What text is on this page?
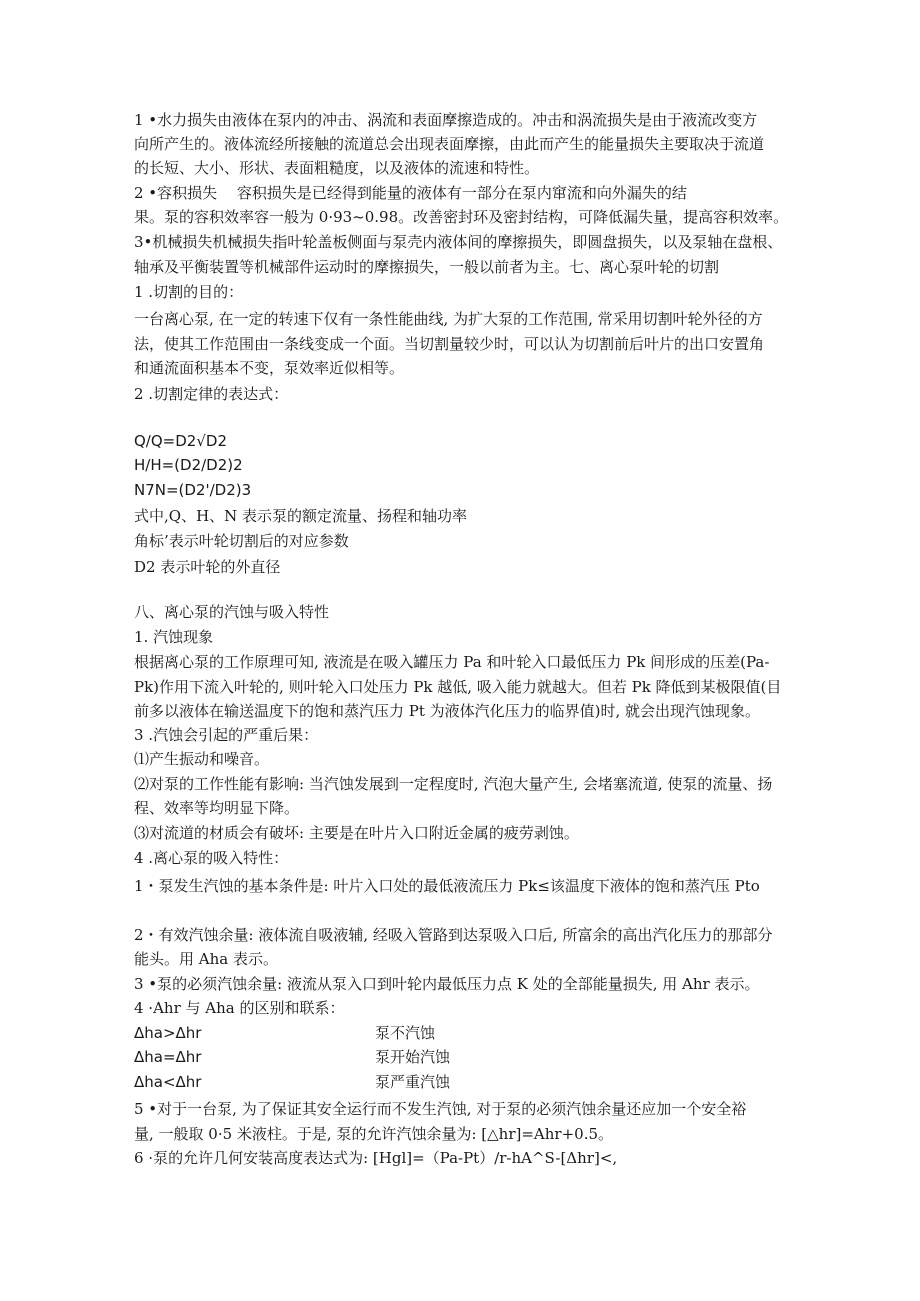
1 •水力损失由液体在泵内的冲击、涡流和表面摩擦造成的。冲击和涡流损失是由于液流改变方
向所产生的。液体流经所接触的流道总会出现表面摩擦，由此而产生的能量损失主要取决于流道
的长短、大小、形状、表面粗糙度，以及液体的流速和特性。
2 •容积损失　 容积损失是已经得到能量的液体有一部分在泵内窜流和向外漏失的结
果。泵的容积效率容一般为 0·93~0.98。改善密封环及密封结构，可降低漏失量，提高容积效率。
3•机械损失机械损失指叶轮盖板侧面与泵壳内液体间的摩擦损失，即圆盘损失，以及泵轴在盘根、
轴承及平衡装置等机械部件运动时的摩擦损失，一般以前者为主。七、离心泵叶轮的切割
1 .切割的目的：
一台离心泵, 在一定的转速下仅有一条性能曲线, 为扩大泵的工作范围, 常采用切割叶轮外径的方
法，使其工作范围由一条线变成一个面。当切割量较少时，可以认为切割前后叶片的出口安置角
和通流面积基本不变，泵效率近似相等。
2 .切割定律的表达式：
Q∕Q=D2√D2
H∕H=(D2∕D2)2
N7N=(D2'∕D2)3
式中,Q、H、N 表示泵的额定流量、扬程和轴功率
角标’表示叶轮切割后的对应参数
D2 表示叶轮的外直径
八、离心泵的汽蚀与吸入特性
1. 汽蚀现象
根据离心泵的工作原理可知, 液流是在吸入罐压力 Pa 和叶轮入口最低压力 Pk 间形成的压差(Pa-
Pk)作用下流入叶轮的, 则叶轮入口处压力 Pk 越低, 吸入能力就越大。但若 Pk 降低到某极限值(目
前多以液体在输送温度下的饱和蒸汽压力 Pt 为液体汽化压力的临界值)时, 就会出现汽蚀现象。
3 .汽蚀会引起的严重后果：
⑴产生振动和噪音。
⑵对泵的工作性能有影响: 当汽蚀发展到一定程度时, 汽泡大量产生, 会堵塞流道, 使泵的流量、扬
程、效率等均明显下降。
⑶对流道的材质会有破坏: 主要是在叶片入口附近金属的疲劳剥蚀。
4 .离心泵的吸入特性：
1・泵发生汽蚀的基本条件是: 叶片入口处的最低液流压力 Pk≤该温度下液体的饱和蒸汽压 Pto
2・有效汽蚀余量: 液体流自吸液辅, 经吸入管路到达泵吸入口后, 所富余的高出汽化压力的那部分
能头。用 Aha 表示。
3 •泵的必须汽蚀余量: 液流从泵入口到叶轮内最低压力点 K 处的全部能量损失, 用 Ahr 表示。
4 ·Ahr 与 Aha 的区别和联系：
Δha>Δhr	泵不汽蚀
Δha=Δhr	泵开始汽蚀
Δha<Δhr	泵严重汽蚀
5 •对于一台泵, 为了保证其安全运行而不发生汽蚀, 对于泵的必须汽蚀余量还应加一个安全裕
量, 一般取 0·5 米液柱。于是, 泵的允许汽蚀余量为: [△hr]=Ahr+0.5。
6 ·泵的允许几何安装高度表达式为: [Hgl]=（Pa-Pt）∕r-hA^S-[Δhr]<,
